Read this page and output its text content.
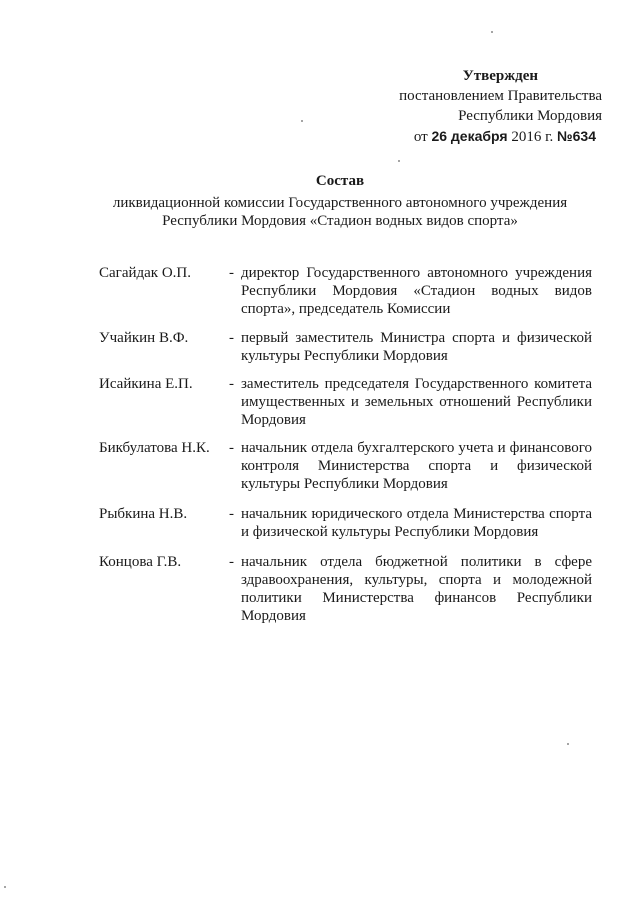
Утвержден
постановлением Правительства
Республики Мордовия
от 26 декабря 2016 г. №634
Состав
ликвидационной комиссии Государственного автономного учреждения
Республики Мордовия «Стадион водных видов спорта»
Сагайдак О.П.	- директор Государственного автономного учреждения Республики Мордовия «Стадион водных видов спорта», председатель Комиссии
Учайкин В.Ф.	- первый заместитель Министра спорта и физической культуры Республики Мордовия
Исайкина Е.П.	- заместитель председателя Государственного комитета имущественных и земельных отношений Республики Мордовия
Бикбулатова Н.К.	- начальник отдела бухгалтерского учета и финансового контроля Министерства спорта и физической культуры Республики Мордовия
Рыбкина Н.В.	- начальник юридического отдела Министерства спорта и физической культуры Республики Мордовия
Концова Г.В.	- начальник отдела бюджетной политики в сфере здравоохранения, культуры, спорта и молодежной политики Министерства финансов Республики Мордовия
